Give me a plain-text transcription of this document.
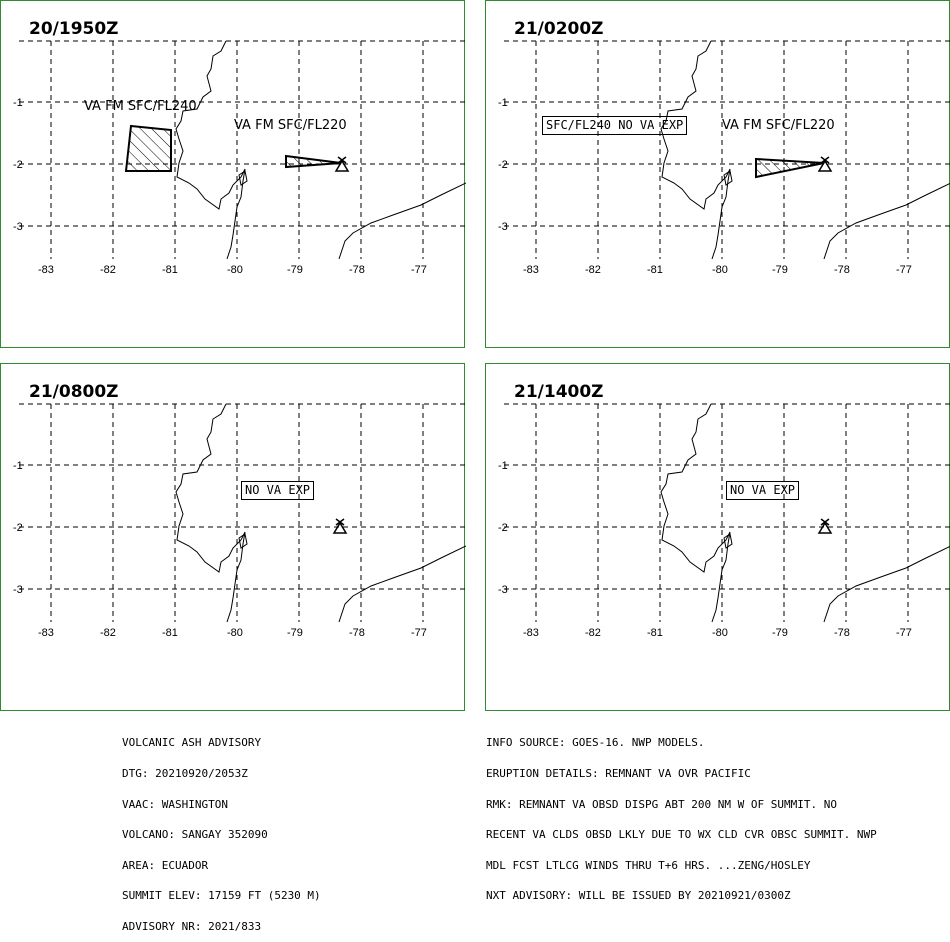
20/1950Z
VA FM SFC/FL240
VA FM SFC/FL220
21/0200Z
SFC/FL240 NO VA EXP	VA FM SFC/FL220
21/0800Z
NO VA EXP
21/1400Z
NO VA EXP

VOLCANIC ASH ADVISORY

DTG: 20210920/2053Z

VAAC: WASHINGTON

VOLCANO: SANGAY 352090

AREA: ECUADOR

SUMMIT ELEV: 17159 FT (5230 M)

ADVISORY NR: 2021/833

INFO SOURCE: GOES-16. NWP MODELS.

ERUPTION DETAILS: REMNANT VA OVR PACIFIC

RMK: REMNANT VA OBSD DISPG ABT 200 NM W OF SUMMIT. NO

RECENT VA CLDS OBSD LKLY DUE TO WX CLD CVR OBSC SUMMIT. NWP

MDL FCST LTLCG WINDS THRU T+6 HRS. ...ZENG/HOSLEY

NXT ADVISORY: WILL BE ISSUED BY 20210921/0300Z
